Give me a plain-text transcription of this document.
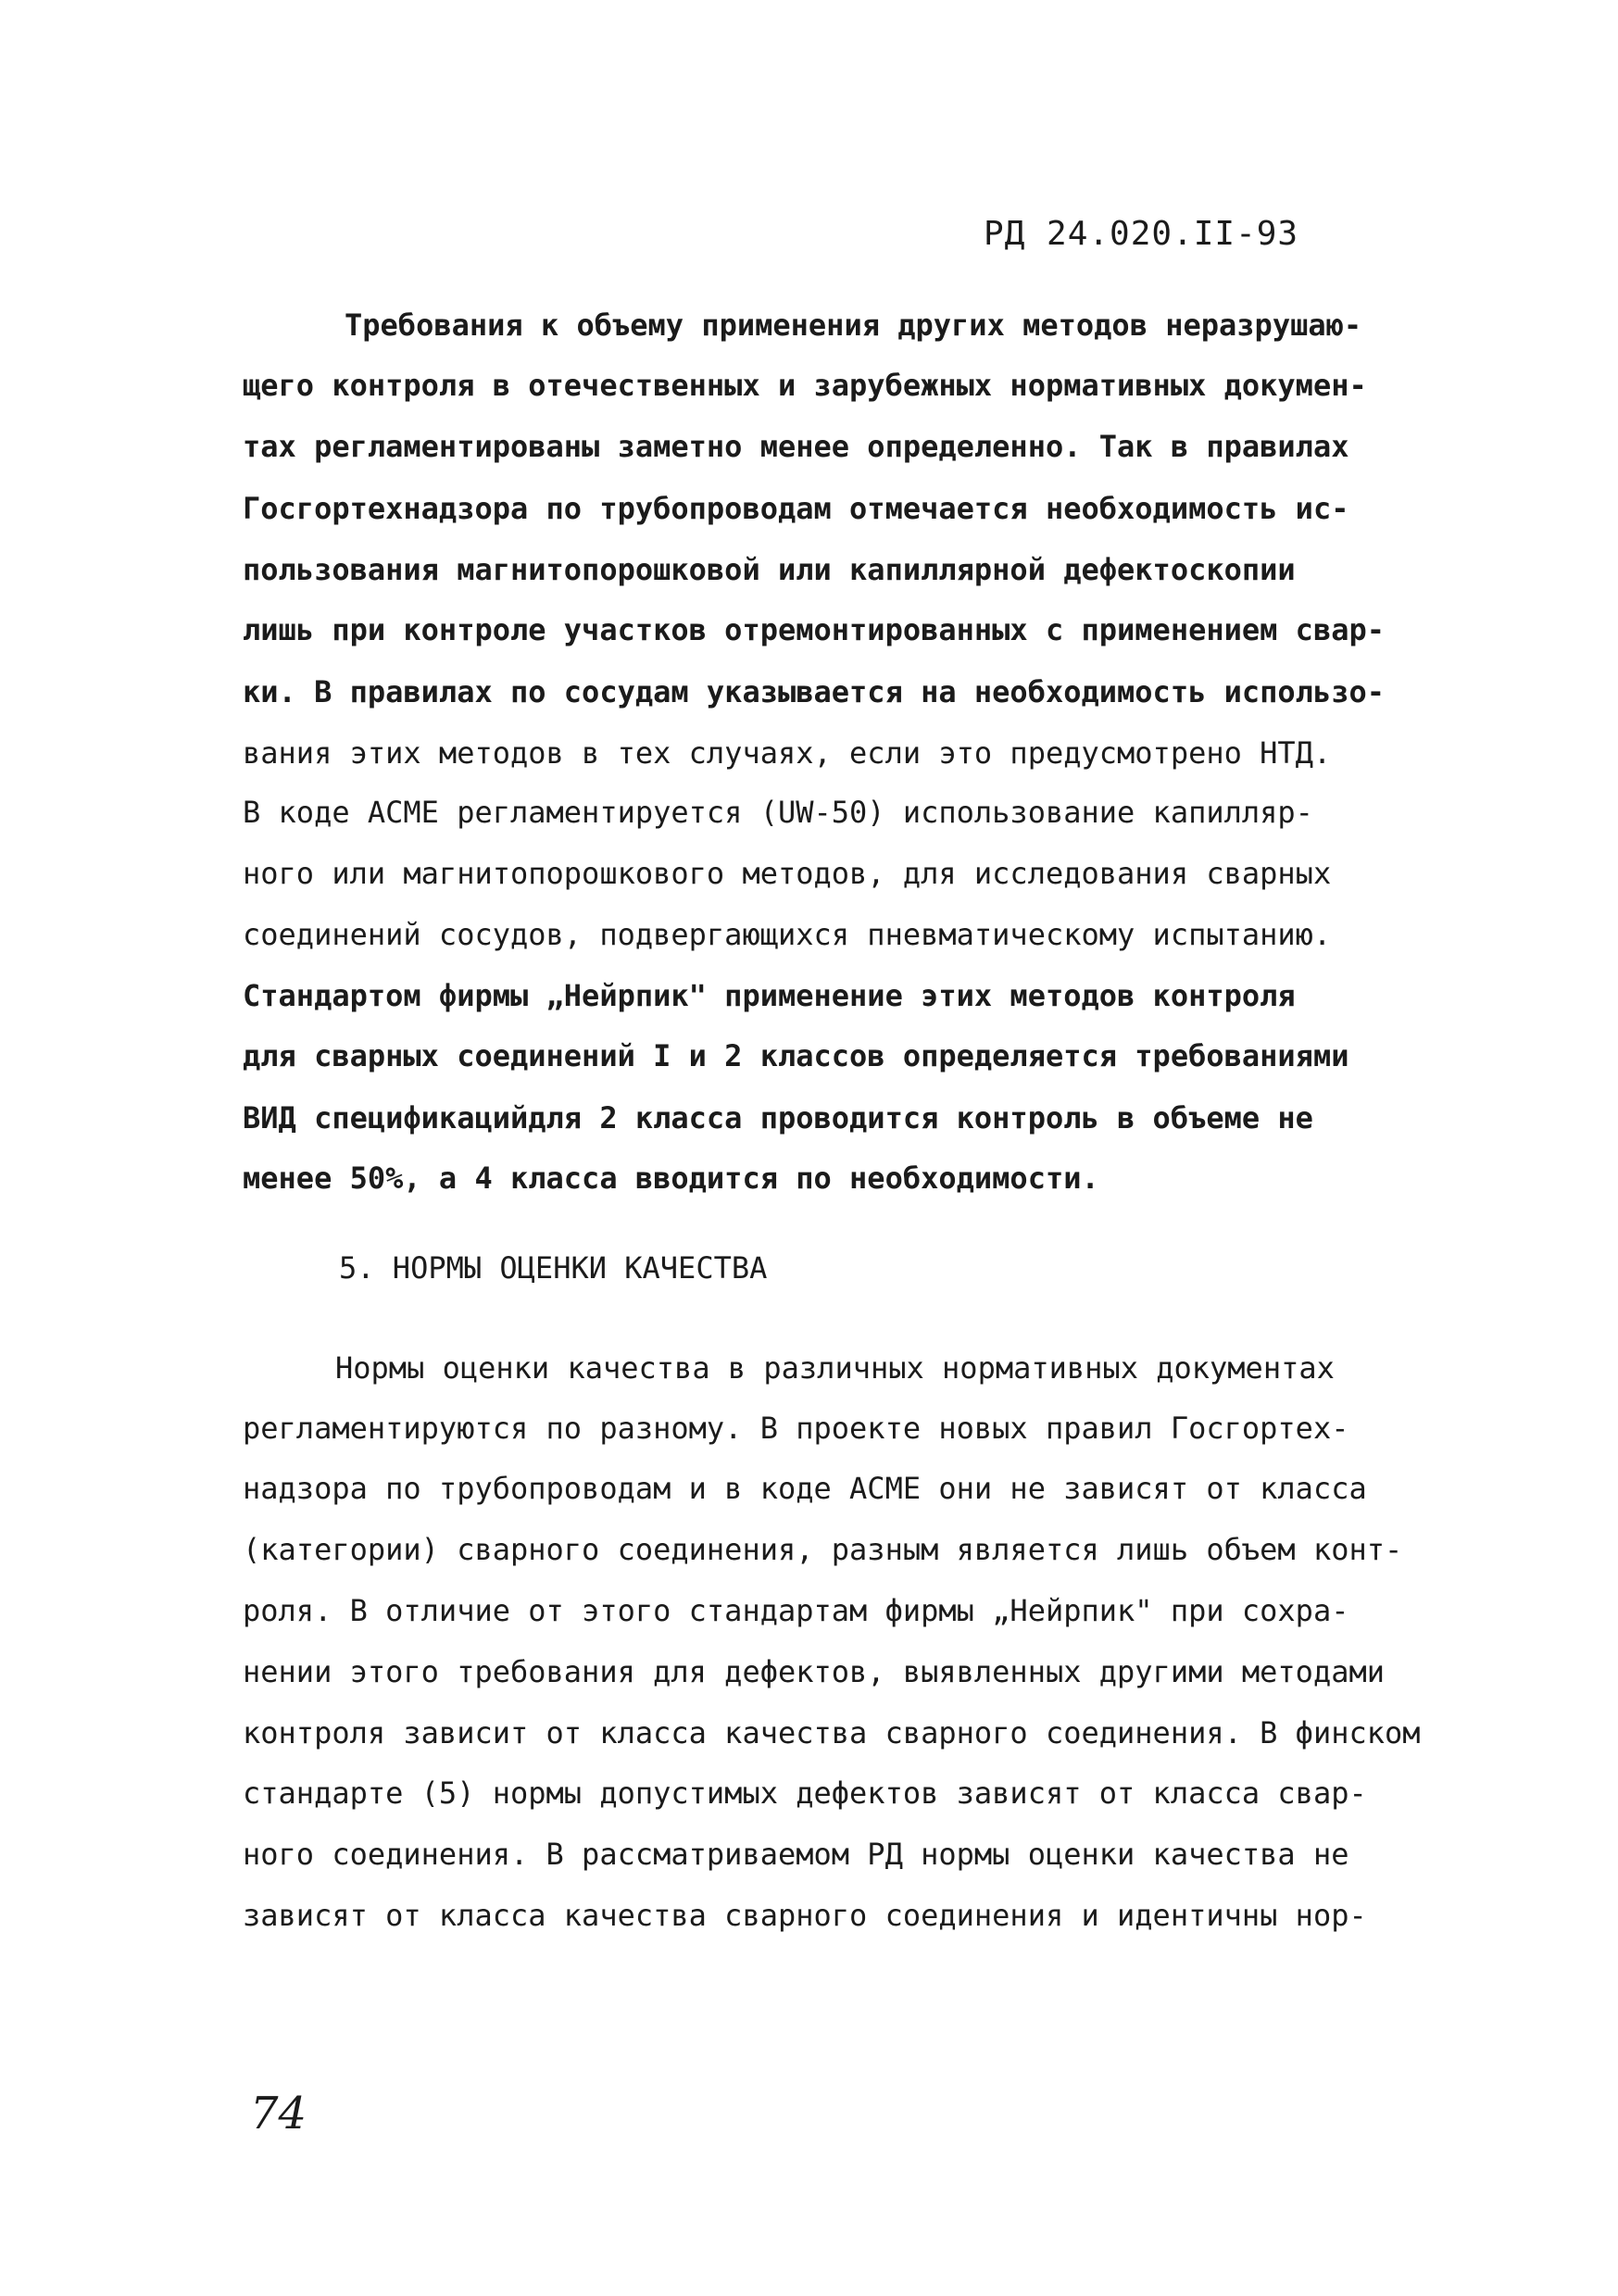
РД 24.020.II-93
Требования к объему применения других методов неразрушаю-
щего контроля в отечественных и зарубежных нормативных докумен-
тах регламентированы заметно менее определенно. Так в правилах
Госгортехнадзора по трубопроводам отмечается необходимость ис-
пользования магнитопорошковой или капиллярной дефектоскопии
лишь при контроле участков отремонтированных с применением свар-
ки. В правилах по сосудам указывается на необходимость использо-
вания этих методов в тех случаях, если это предусмотрено НТД.
В коде АСМЕ регламентируется (UW-50) использование капилляр-
ного или магнитопорошкового методов, для исследования сварных
соединений сосудов, подвергающихся пневматическому испытанию.
Стандартом фирмы „Нейрпик" применение этих методов контроля
для сварных соединений I и 2 классов определяется требованиями
BИД спецификацийдля 2 класса проводится контроль в объеме не
менее 50%, а 4 класса вводится по необходимости.
5. НОРМЫ ОЦЕНКИ КАЧЕСТВА
Нормы оценки качества в различных нормативных документах
регламентируются по разному. В проекте новых правил Госгортех-
надзора по трубопроводам и в коде АСМЕ они не зависят от класса
(категории) сварного соединения, разным является лишь объем конт-
роля. В отличие от этого стандартам фирмы „Нейрпик" при сохра-
нении этого требования для дефектов, выявленных другими методами
контроля зависит от класса качества сварного соединения. В финском
стандарте (5) нормы допустимых дефектов зависят от класса свар-
ного соединения. В рассматриваемом РД нормы оценки качества не
зависят от класса качества сварного соединения и идентичны нор-
74
